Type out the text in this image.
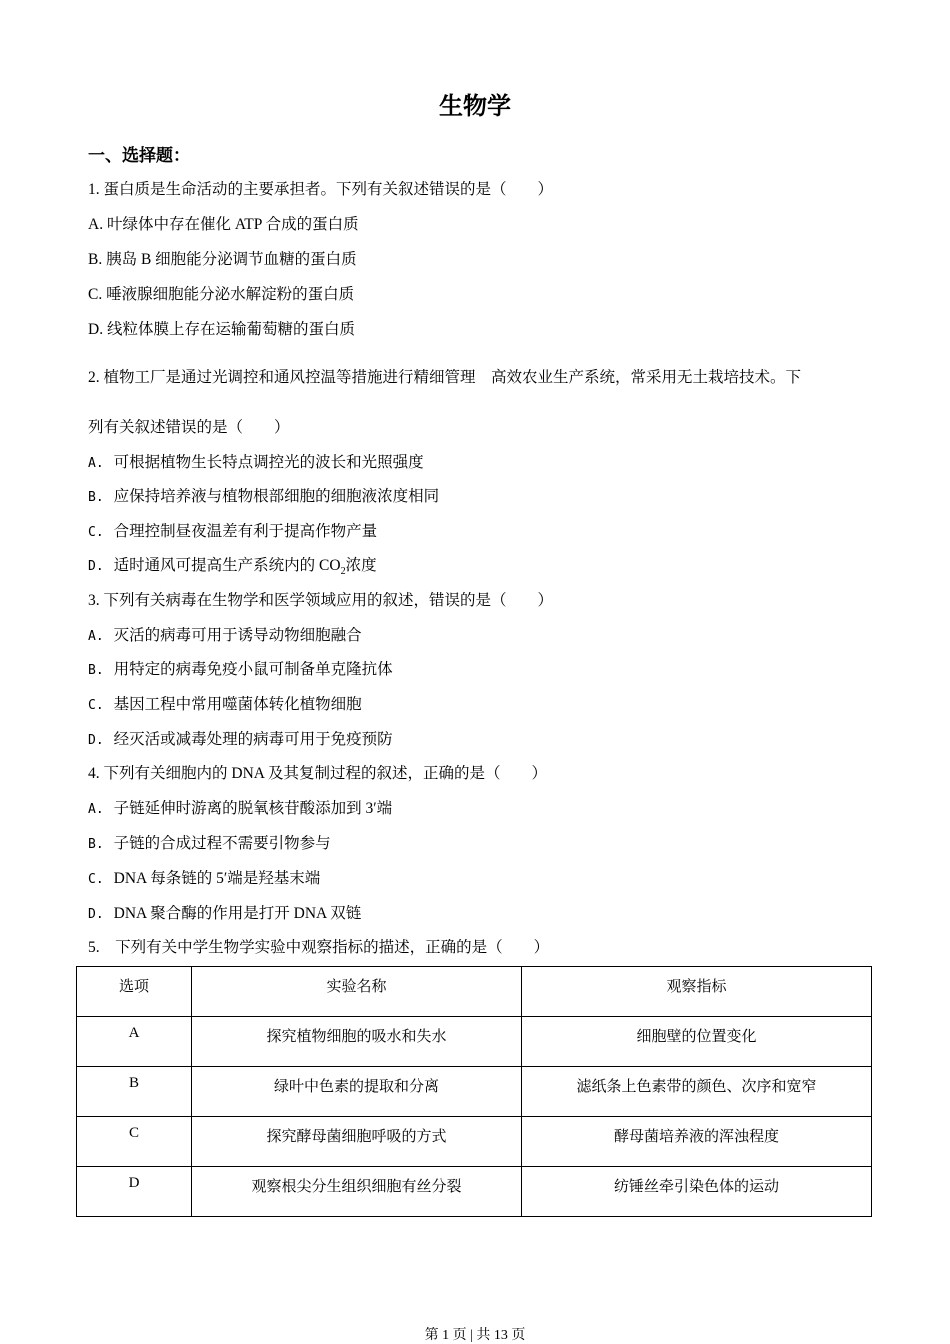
生物学
一、选择题：
1. 蛋白质是生命活动的主要承担者。下列有关叙述错误的是（　　）
A. 叶绿体中存在催化 ATP 合成的蛋白质
B. 胰岛 B 细胞能分泌调节血糖的蛋白质
C. 唾液腺细胞能分泌水解淀粉的蛋白质
D. 线粒体膜上存在运输葡萄糖的蛋白质
2. 植物工厂是通过光调控和通风控温等措施进行精细管理　高效农业生产系统，常采用无土栽培技术。下
列有关叙述错误的是（　　）
A. 可根据植物生长特点调控光的波长和光照强度
B. 应保持培养液与植物根部细胞的细胞液浓度相同
C. 合理控制昼夜温差有利于提高作物产量
D. 适时通风可提高生产系统内的 $CO_2$浓度
3. 下列有关病毒在生物学和医学领域应用的叙述，错误的是（　　）
A. 灭活的病毒可用于诱导动物细胞融合
B. 用特定的病毒免疫小鼠可制备单克隆抗体
C. 基因工程中常用噬菌体转化植物细胞
D. 经灭活或减毒处理的病毒可用于免疫预防
4. 下列有关细胞内的 DNA 及其复制过程的叙述，正确的是（　　）
A. 子链延伸时游离的脱氧核苷酸添加到 3′端
B. 子链的合成过程不需要引物参与
C. DNA 每条链的 5′端是羟基末端
D. DNA 聚合酶的作用是打开 DNA 双链
5.　下列有关中学生物学实验中观察指标的描述，正确的是（　　）
选项	实验名称	观察指标
A	探究植物细胞的吸水和失水	细胞壁的位置变化
B	绿叶中色素的提取和分离	滤纸条上色素带的颜色、次序和宽窄
C	探究酵母菌细胞呼吸的方式	酵母菌培养液的浑浊程度
D	观察根尖分生组织细胞有丝分裂	纺锤丝牵引染色体的运动
第 1 页 | 共 13 页
